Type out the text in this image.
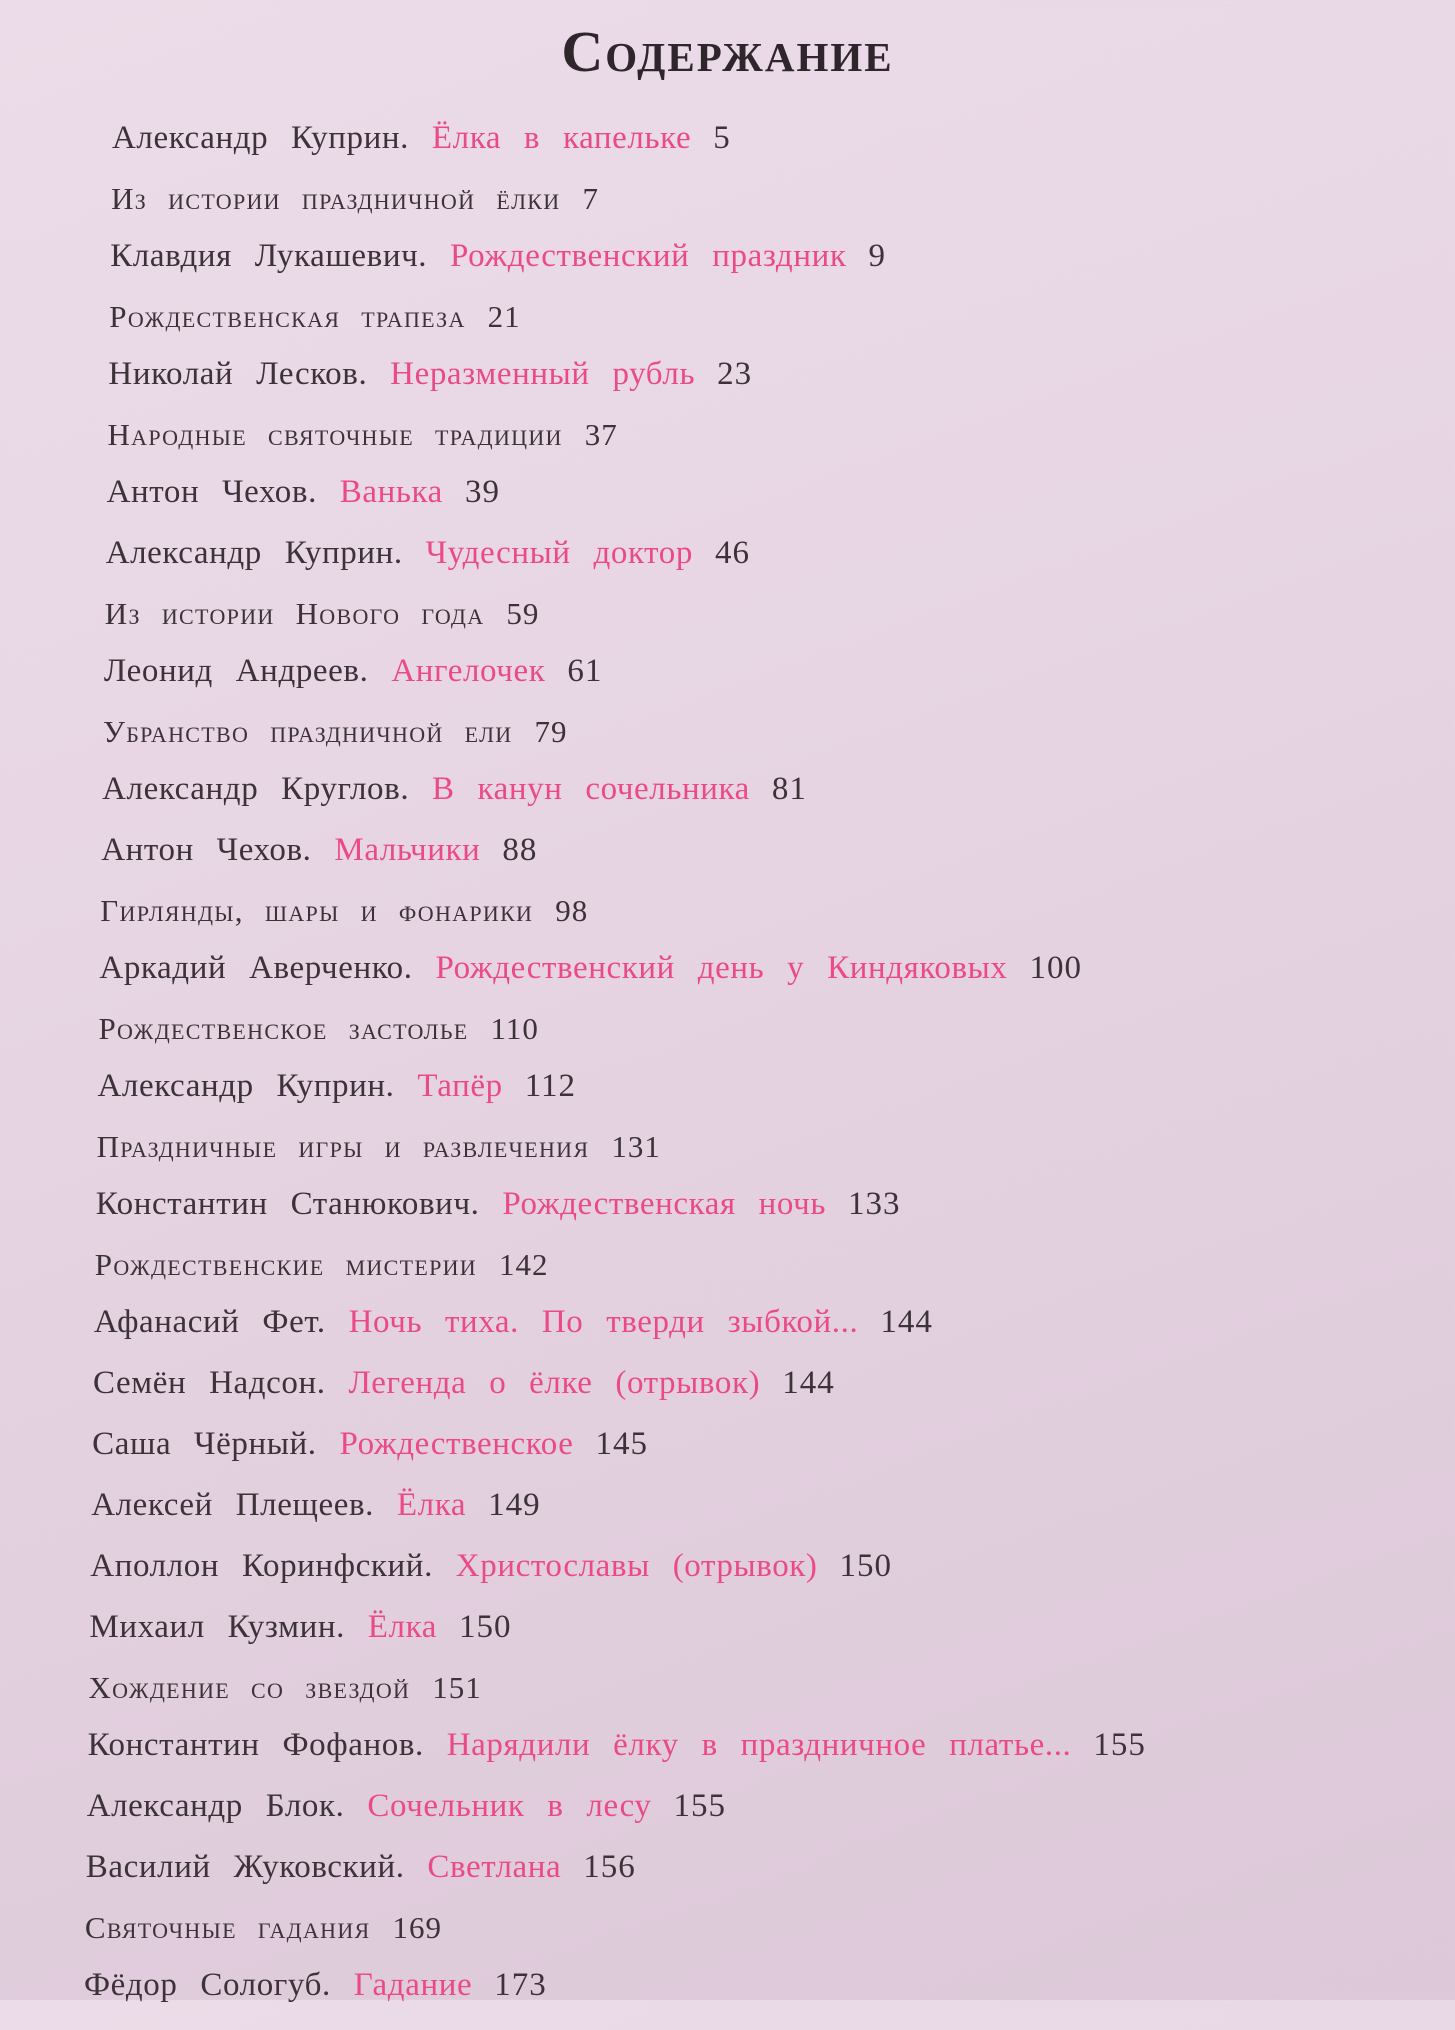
Содержание
Александр Куприн. Ёлка в капельке 5
Из истории праздничной ёлки 7
Клавдия Лукашевич. Рождественский праздник 9
Рождественская трапеза 21
Николай Лесков. Неразменный рубль 23
Народные святочные традиции 37
Антон Чехов. Ванька 39
Александр Куприн. Чудесный доктор 46
Из истории Нового года 59
Леонид Андреев. Ангелочек 61
Убранство праздничной ели 79
Александр Круглов. В канун сочельника 81
Антон Чехов. Мальчики 88
Гирлянды, шары и фонарики 98
Аркадий Аверченко. Рождественский день у Киндяковых 100
Рождественское застолье 110
Александр Куприн. Тапёр 112
Праздничные игры и развлечения 131
Константин Станюкович. Рождественская ночь 133
Рождественские мистерии 142
Афанасий Фет. Ночь тиха. По тверди зыбкой... 144
Семён Надсон. Легенда о ёлке (отрывок) 144
Саша Чёрный. Рождественское 145
Алексей Плещеев. Ёлка 149
Аполлон Коринфский. Христославы (отрывок) 150
Михаил Кузмин. Ёлка 150
Хождение со звездой 151
Константин Фофанов. Нарядили ёлку в праздничное платье... 155
Александр Блок. Сочельник в лесу 155
Василий Жуковский. Светлана 156
Святочные гадания 169
Фёдор Сологуб. Гадание 173
